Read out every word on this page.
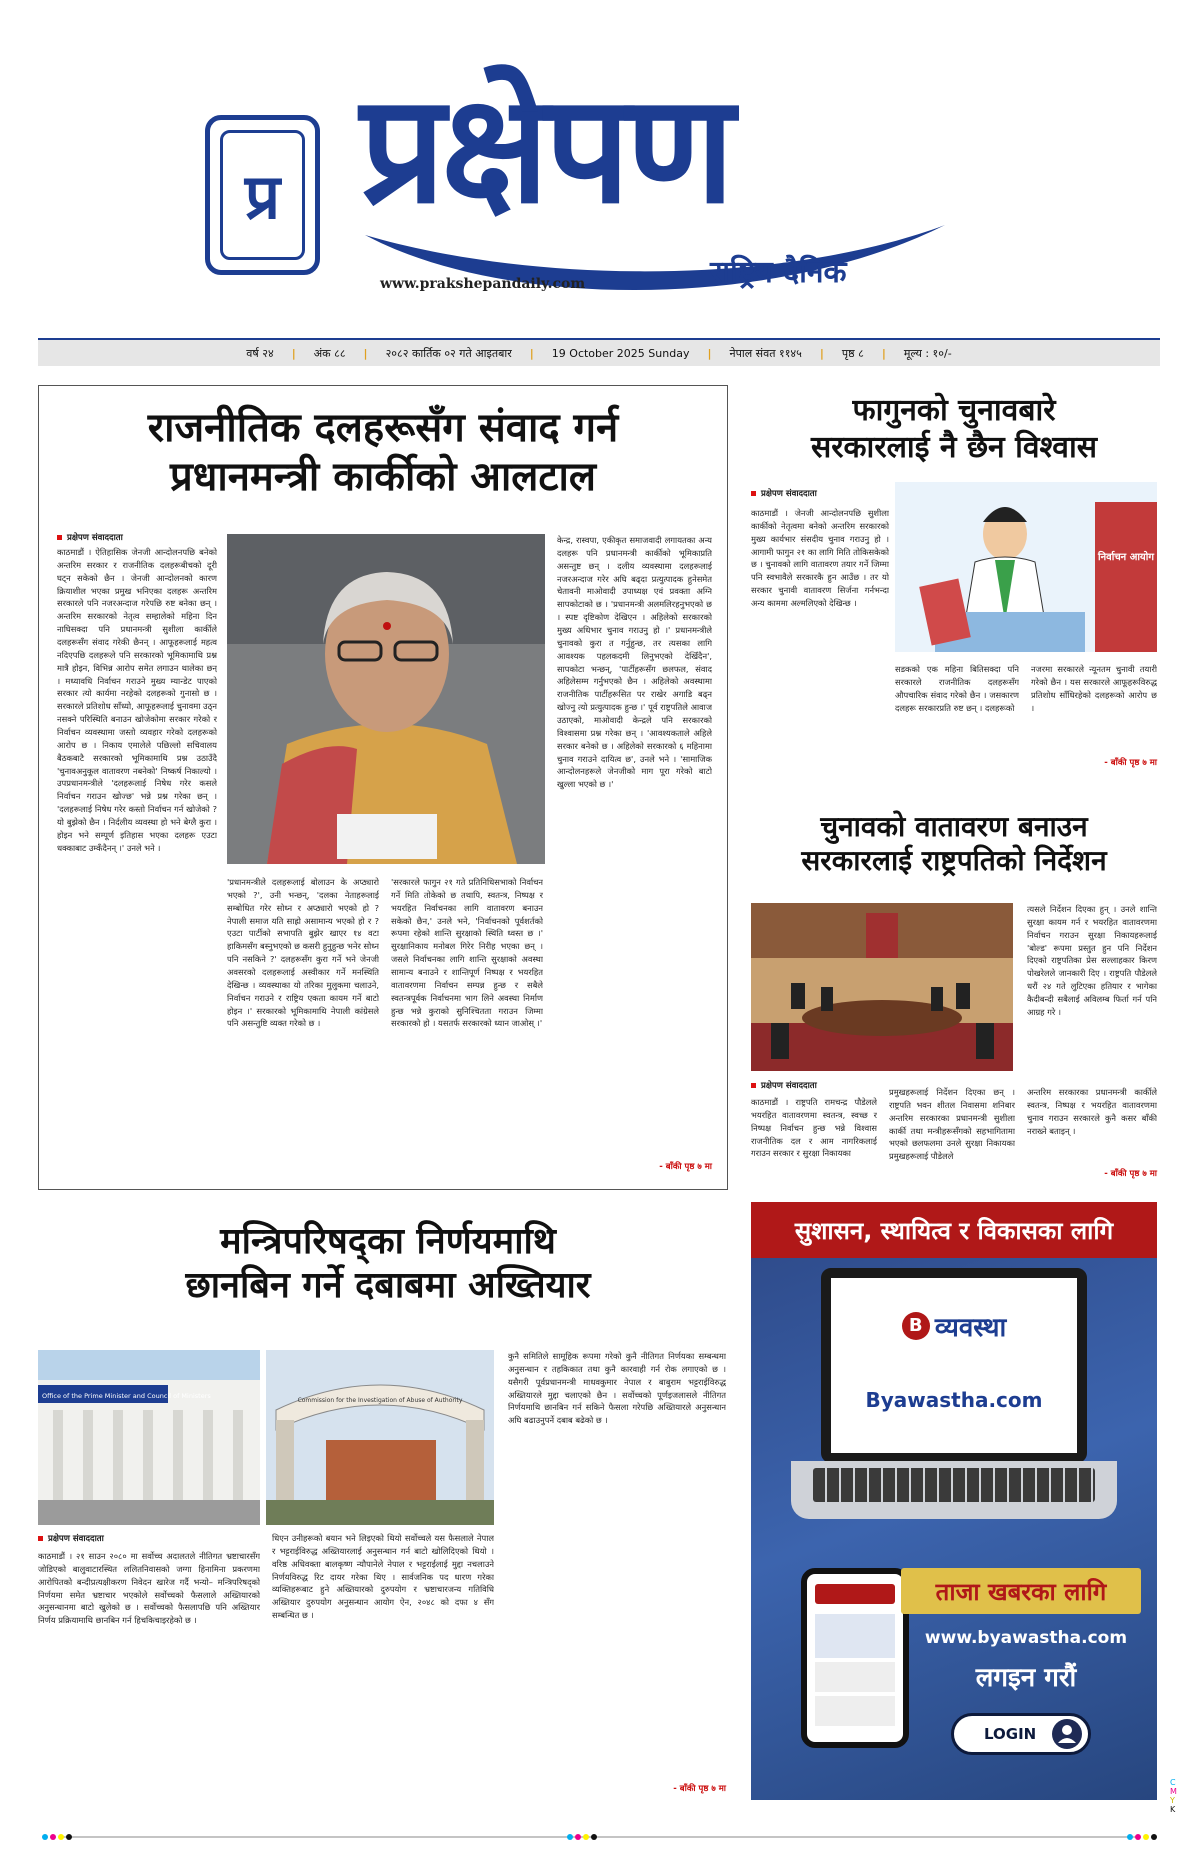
प्र प्रक्षेपण
www.prakshepandaily.com	राष्ट्रिय दैनिक
वर्ष २४	|	अंक ८८	|	२०८२ कार्तिक ०२ गते आइतबार	|	19 October 2025 Sunday	|	नेपाल संवत ११४५	|	पृष्ठ ८	|	मूल्य : १०/-
राजनीतिक दलहरूसँग संवाद गर्न
प्रधानमन्त्री कार्कीको आलटाल
प्रक्षेपण संवाददाता
काठमाडौं । ऐतिहासिक जेनजी आन्दोलनपछि बनेको अन्तरिम सरकार र राजनीतिक दलहरूबीचको दूरी घट्न सकेको छैन । जेनजी आन्दोलनको कारण क्रियाशील भएका प्रमुख भनिएका दलहरू अन्तरिम सरकारले पनि नजरअन्दाज गरेपछि रुष्ट बनेका छन् । अन्तरिम सरकारको नेतृत्व सम्हालेको महिना दिन नाघिसक्दा पनि प्रधानमन्त्री सुशीला कार्कीले दलहरूसँग संवाद गरेकी छैनन् । आफूहरूलाई महत्व नदिएपछि दलहरूले पनि सरकारको भूमिकामाथि प्रश्न मात्रै होइन, विभिन्न आरोप समेत लगाउन थालेका छन् । मध्यावधि निर्वाचन गराउने मुख्य म्यान्डेट पाएको सरकार त्यो कार्यमा नरहेको दलहरूको गुनासो छ । सरकारले प्रतिशोध साँध्यो, आफूहरूलाई चुनावमा उठ्न नसक्ने परिस्थिति बनाउन खोजेकोमा सरकार गरेको र निर्वाचन व्यवस्थामा जस्तो व्यवहार गरेको दलहरूको आरोप छ । निकाय एमालेले पछिल्लो सचिवालय बैठकबाटै सरकारको भूमिकामाथि प्रश्न उठाउँदै 'चुनावअनुकूल वातावरण नबनेको' निष्कर्ष निकाल्यो । उपप्रधानमन्त्रीले 'दलहरूलाई निषेध गरेर कसले निर्वाचन गराउन खोज्छ' भन्ने प्रश्न गरेका छन् । 'दलहरूलाई निषेध गरेर कस्तो निर्वाचन गर्न खोजेको ? यो बुझेको छैन । निर्दलीय व्यवस्था हो भने बेग्लै कुरा । होइन भने सम्पूर्ण इतिहास भएका दलहरू एउटा धक्काबाट उम्कँदैनन् ।' उनले भने ।
'प्रधानमन्त्रीले दलहरूलाई बोलाउन के अप्ठ्यारो भएको ?', उनी भन्छन्, 'दलका नेताहरूलाई सम्बोधित गरेर सोध्न र अप्ठ्यारो भएको हो ? नेपाली समाज यति साह्रो असामान्य भएको हो र ? एउटा पार्टीको सभापति बुझेर खाएर १४ वटा हाकिमसँग बस्नुभएको छ कसरी हुनुहुन्छ भनेर सोध्न पनि नसकिने ?' दलहरूसँग कुरा गर्ने भने जेनजी अवसरको दलहरूलाई अस्वीकार गर्ने मनस्थिति देखिन्छ । व्यवस्थाका यो तरिका मुलुकमा चलाउने, निर्वाचन गराउने र राष्ट्रिय एकता कायम गर्ने बाटो होइन ।' सरकारको भूमिकामाथि नेपाली कांग्रेसले पनि असन्तुष्टि व्यक्त गरेको छ ।
'सरकारले फागुन २१ गते प्रतिनिधिसभाको निर्वाचन गर्ने मिति तोकेको छ तथापि, स्वतन्त्र, निष्पक्ष र भयरहित निर्वाचनका लागि वातावरण बनाउन सकेको छैन,' उनले भने, 'निर्वाचनको पूर्वशर्तको रूपमा रहेको शान्ति सुरक्षाको स्थिति ध्वस्त छ ।' सुरक्षानिकाय मनोबल गिरेर निरीह भएका छन् । जसले निर्वाचनका लागि शान्ति सुरक्षाको अवस्था सामान्य बनाउने र शान्तिपूर्ण निष्पक्ष र भयरहित वातावरणमा निर्वाचन सम्पन्न हुन्छ र सबैले स्वतन्त्रपूर्वक निर्वाचनमा भाग लिने अवस्था निर्माण हुन्छ भन्ने कुराको सुनिश्चितता गराउन जिम्मा सरकारको हो । यसतर्फ सरकारको ध्यान जाओस् ।'
केन्द्र, रास्वपा, एकीकृत समाजवादी लगायतका अन्य दलहरू पनि प्रधानमन्त्री कार्कीको भूमिकाप्रति असन्तुष्ट छन् । दलीय व्यवस्थामा दलहरूलाई नजरअन्दाज गरेर अघि बढ्दा प्रत्युत्पादक हुनेसमेत चेतावनी माओवादी उपाध्यक्ष एवं प्रवक्ता अग्नि सापकोटाको छ । 'प्रधानमन्त्री अलमलिरहनुभएको छ । स्पष्ट दृष्टिकोण देखिएन । अहिलेको सरकारको मुख्य अधिभार चुनाव गराउनु हो ।' प्रधानमन्त्रीले चुनावको कुरा त गर्नुहुन्छ, तर त्यसका लागि आवश्यक पहलकदमी लिनुभएको देखिँदैन', सापकोटा भन्छन्, 'पार्टीहरूसँग छलफल, संवाद अहिलेसम्म गर्नुभएको छैन । अहिलेको अवस्थामा राजनीतिक पार्टीहरूसित पर राखेर अगाडि बढ्न खोज्नु त्यो प्रत्युत्पादक हुन्छ ।' पूर्व राष्ट्रपतिले आवाज उठाएको, माओवादी केन्द्रले पनि सरकारको विश्वासमा प्रश्न गरेका छन् । 'आवश्यकताले अहिले सरकार बनेको छ । अहिलेको सरकारको ६ महिनामा चुनाव गराउने दायित्व छ', उनले भने । 'सामाजिक आन्दोलनहरूले जेनजीको माग पूरा गरेको बाटो खुल्ला भएको छ ।'
- बाँकी पृष्ठ ७ मा
फागुनको चुनावबारे
सरकारलाई नै छैन विश्वास
प्रक्षेपण संवाददाता
काठमाडौं । जेनजी आन्दोलनपछि सुशीला कार्कीको नेतृत्वमा बनेको अन्तरिम सरकारको मुख्य कार्यभार संसदीय चुनाव गराउनु हो । आगामी फागुन २१ का लागि मिति तोकिसकेको छ । चुनावको लागि वातावरण तयार गर्ने जिम्मा पनि स्वभावैले सरकारकै हुन आउँछ । तर यो सरकार चुनावी वातावरण सिर्जना गर्नभन्दा अन्य काममा अल्मलिएको देखिन्छ ।
निर्वाचन आयोग
सडकको एक महिना बितिसक्दा पनि सरकारले राजनीतिक दलहरूसँग औपचारिक संवाद गरेको छैन । जसकारण दलहरू सरकारप्रति रुष्ट छन् । दलहरूको
नजरमा सरकारले न्यूनतम चुनावी तयारी गरेको छैन । यस सरकारले आफूहरूविरुद्ध प्रतिशोध साँधिरहेको दलहरूको आरोप छ ।
- बाँकी पृष्ठ ७ मा
चुनावको वातावरण बनाउन
सरकारलाई राष्ट्रपतिको निर्देशन
त्यसले निर्देशन दिएका हुन् । उनले शान्ति सुरक्षा कायम गर्न र भयरहित वातावरणमा निर्वाचन गराउन सुरक्षा निकायहरूलाई 'बोल्ड' रूपमा प्रस्तुत हुन पनि निर्देशन दिएको राष्ट्रपतिका प्रेस सल्लाहकार किरण पोखरेलले जानकारी दिए । राष्ट्रपति पौडेलले धरौं २४ गते लुटिएका हतियार र भागेका कैदीबन्दी सबैलाई अविलम्ब फिर्ता गर्न पनि आग्रह गरे ।
प्रक्षेपण संवाददाता
काठमाडौं । राष्ट्रपति रामचन्द्र पौडेलले भयरहित वातावरणमा स्वतन्त्र, स्वच्छ र निष्पक्ष निर्वाचन हुन्छ भन्ने विश्वास राजनीतिक दल र आम नागरिकलाई गराउन सरकार र सुरक्षा निकायका
प्रमुखहरूलाई निर्देशन दिएका छन् । राष्ट्रपति भवन शीतल निवासमा शनिबार अन्तरिम सरकारका प्रधानमन्त्री सुशीला कार्की तथा मन्त्रीहरूसँगको सहभागितामा भएको छलफलमा उनले सुरक्षा निकायका प्रमुखहरूलाई पौडेलले
अन्तरिम सरकारका प्रधानमन्त्री कार्कीले स्वतन्त्र, निष्पक्ष र भयरहित वातावरणमा चुनाव गराउन सरकारले कुनै कसर बाँकी नराख्ने बताइन् ।
- बाँकी पृष्ठ ७ मा
मन्त्रिपरिषद्का निर्णयमाथि
छानबिन गर्ने दबाबमा अख्तियार
Office of the Prime Minister and Council of Ministers
Commission for the Investigation of Abuse of Authority
प्रक्षेपण संवाददाता
काठमाडौं । २१ साउन २०८० मा सर्वोच्च अदालतले नीतिगत भ्रष्टाचारसँग जोडिएको बालुवाटारस्थित ललितनिवासको जग्गा हिनामिना प्रकरणमा आरोपितको बन्दीप्रत्यक्षीकरण निवेदन खारेज गर्दै भन्यो– मन्त्रिपरिषद्को निर्णयमा समेत भ्रष्टाचार भएकोले सर्वोच्चको फैसलाले अख्तियारको अनुसन्धानमा बाटो खुलेको छ । सर्वोच्चको फैसलापछि पनि अख्तियार निर्णय प्रक्रियामाथि छानबिन गर्न हिचकिचाइरहेको छ ।
धिएन उनीहरूको बयान भने लिइएको थियो सर्वोच्चले यस फैसलाले नेपाल र भट्टराईविरुद्ध अख्तियारलाई अनुसन्धान गर्न बाटो खोलिदिएको थियो । वरिष्ठ अधिवक्ता बालकृष्ण न्यौपानेले नेपाल र भट्टराईलाई मुद्दा नचलाउने निर्णयविरुद्ध रिट दायर गरेका थिए । सार्वजनिक पद धारण गरेका व्यक्तिहरूबाट हुने अख्तियारको दुरुपयोग र भ्रष्टाचारजन्य गतिविधि अख्तियार दुरुपयोग अनुसन्धान आयोग ऐन, २०४८ को दफा ४ सँग सम्बन्धित छ ।
कुनै समितिले सामूहिक रूपमा गरेको कुनै नीतिगत निर्णयका सम्बन्धमा अनुसन्धान र तहकिकात तथा कुनै कारवाही गर्न रोक लगाएको छ । यसैगरी पूर्वप्रधानमन्त्री माधवकुमार नेपाल र बाबुराम भट्टराईविरुद्ध अख्तियारले मुद्दा चलाएको छैन । सर्वोच्चको पूर्णइजलासले नीतिगत निर्णयमाथि छानबिन गर्न सकिने फैसला गरेपछि अख्तियारले अनुसन्धान अघि बढाउनुपर्ने दबाब बढेको छ ।
- बाँकी पृष्ठ ७ मा
सुशासन, स्थायित्व र विकासका लागि
B व्यवस्था
Byawastha.com
ताजा खबरका लागि
www.byawastha.com
लगइन गरौं
LOGIN
C
M
Y
K
